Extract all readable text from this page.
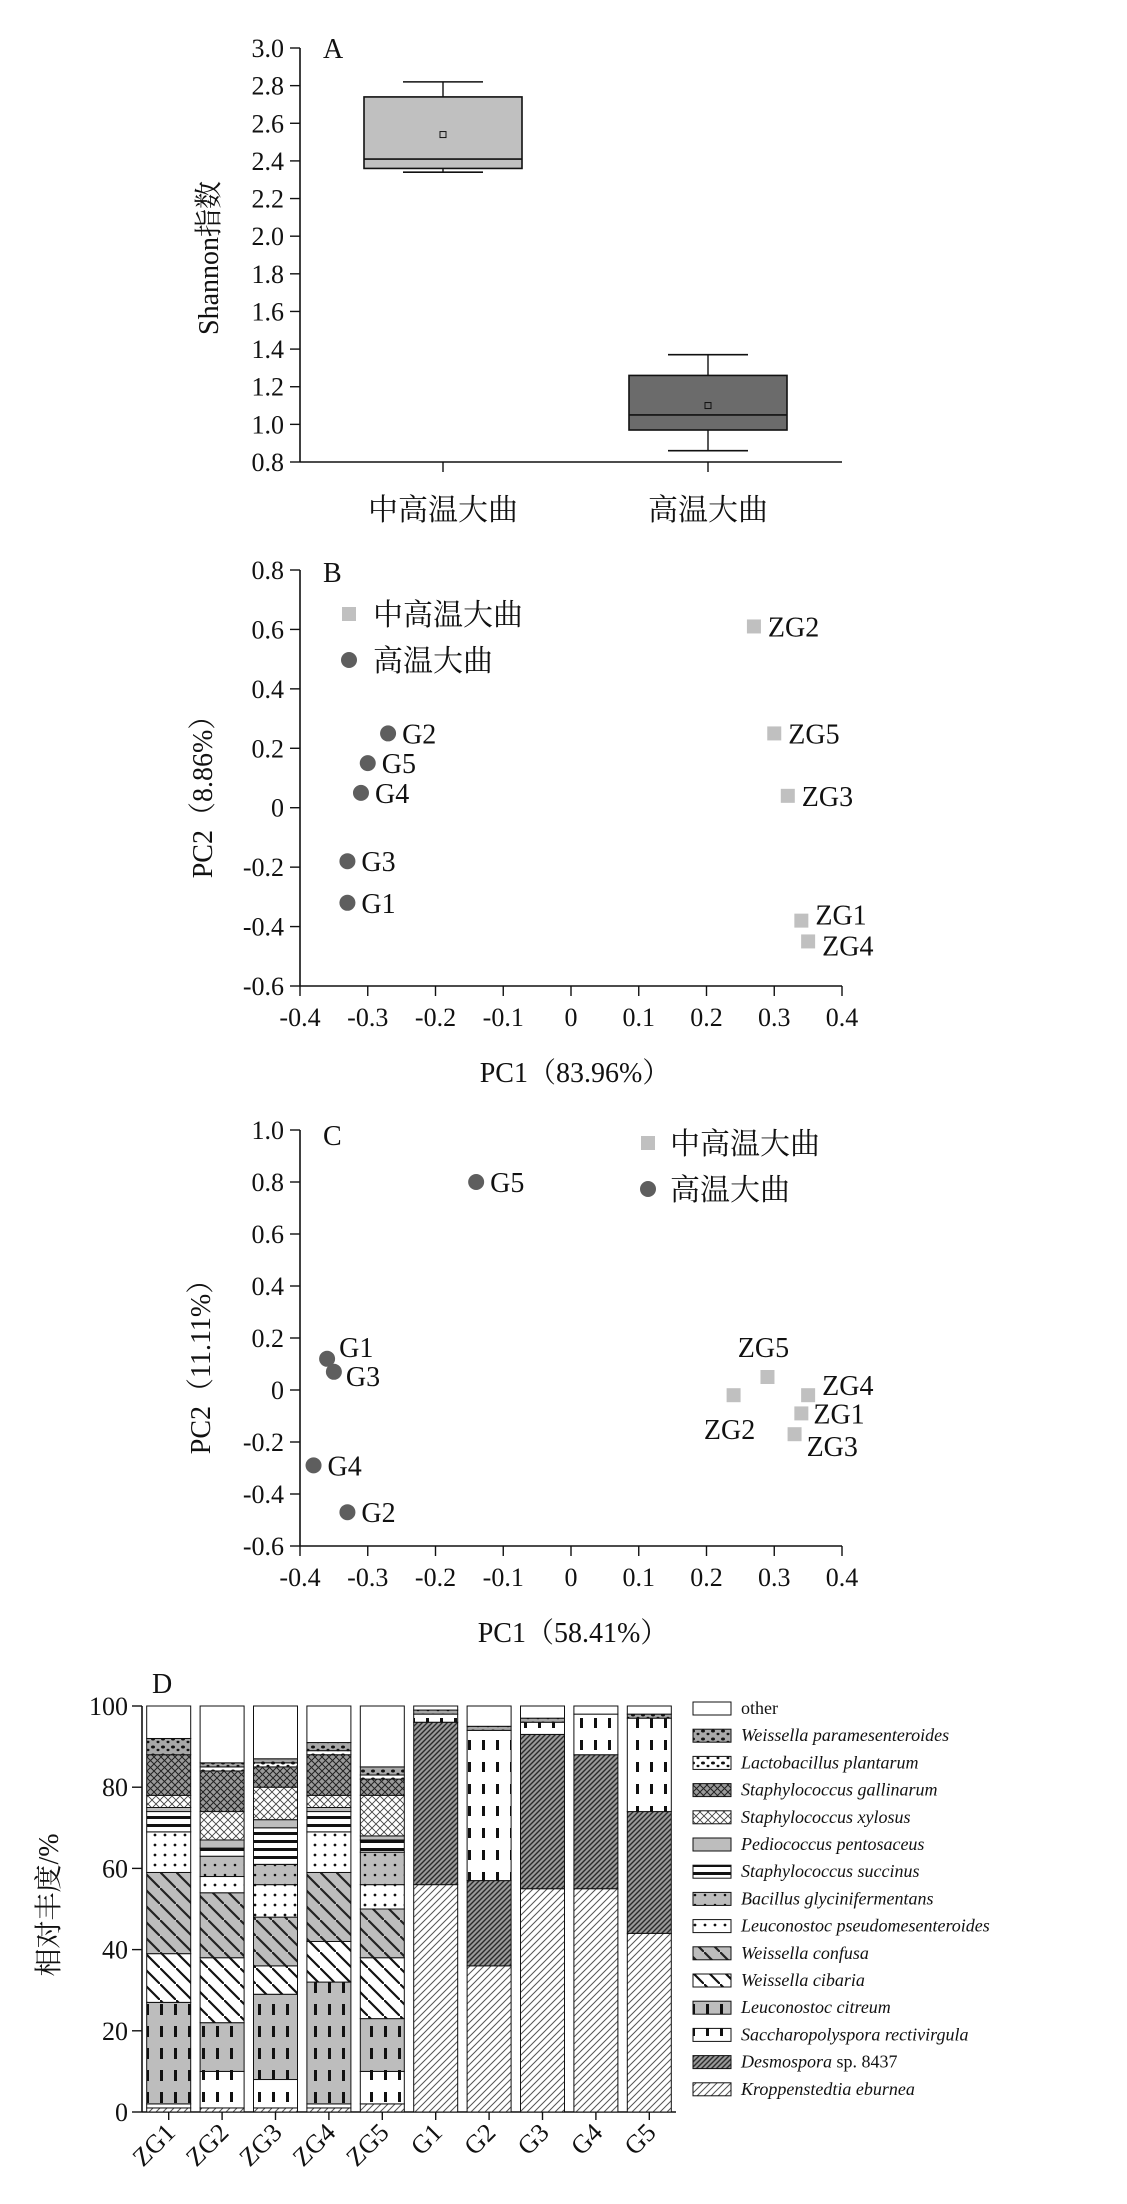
A
Shannon指数
0.8
1.0
1.2
1.4
1.6
1.8
2.0
2.2
2.4
2.6
2.8
3.0
中高温大曲	高温大曲
B
PC2（8.86%）
PC1（83.96%）
-0.6
-0.4
-0.2
0
0.2
0.4
0.6
0.8
-0.4 -0.3 -0.2 -0.1 0 0.1 0.2 0.3 0.4
ZG2
ZG5
ZG3
ZG1
ZG4
G2
G5
G4
G3
G1
中高温大曲
高温大曲
C
PC2（11.11%）
PC1（58.41%）
-0.6
-0.4
-0.2
0
0.2
0.4
0.6
0.8
1.0
-0.4 -0.3 -0.2 -0.1 0 0.1 0.2 0.3 0.4
ZG5
ZG2
ZG4
ZG1
ZG3
G5
G1
G3
G4
G2
中高温大曲
高温大曲
D
相对丰度/%
0
20
40
60
80
100
ZG1 ZG2 ZG3 ZG4 ZG5 G1 G2 G3 G4 G5
other
Weissella paramesenteroides
Lactobacillus plantarum
Staphylococcus gallinarum
Staphylococcus xylosus
Pediococcus pentosaceus
Staphylococcus succinus
Bacillus glycinifermentans
Leuconostoc pseudomesenteroides
Weissella confusa
Weissella cibaria
Leuconostoc citreum
Saccharopolyspora rectivirgula
Desmospora sp. 8437
Kroppenstedtia eburnea
